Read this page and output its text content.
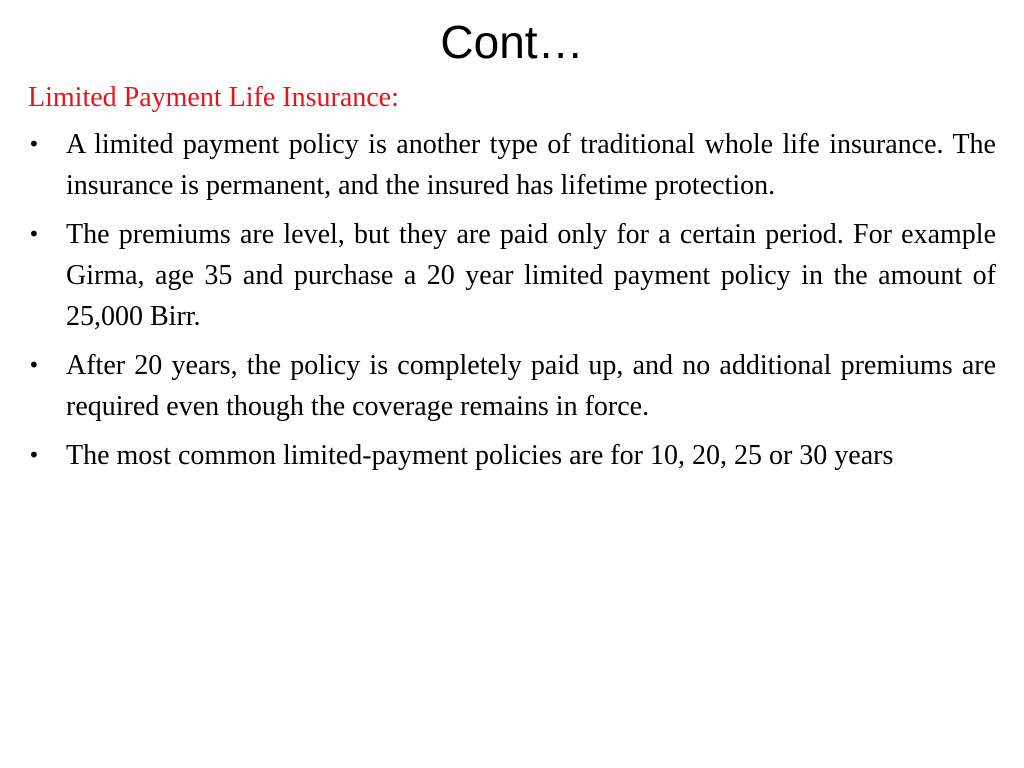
Cont…

Limited Payment Life Insurance:

• A limited payment policy is another type of traditional whole life insurance. The insurance is permanent, and the insured has lifetime protection.
• The premiums are level, but they are paid only for a certain period. For example Girma, age 35 and purchase a 20 year limited payment policy in the amount of 25,000 Birr.
• After 20 years, the policy is completely paid up, and no additional premiums are required even though the coverage remains in force.
• The most common limited-payment policies are for 10, 20, 25 or 30 years
